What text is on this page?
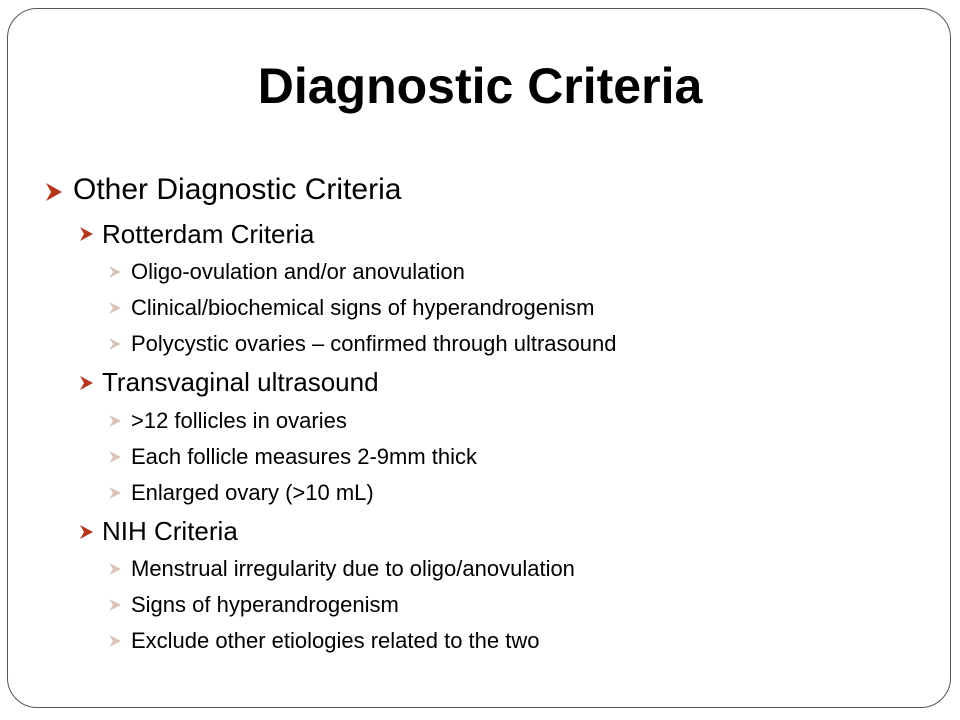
Diagnostic Criteria
Other Diagnostic Criteria
Rotterdam Criteria
Oligo-ovulation and/or anovulation
Clinical/biochemical signs of hyperandrogenism
Polycystic ovaries – confirmed through ultrasound
Transvaginal ultrasound
>12 follicles in ovaries
Each follicle measures 2-9mm thick
Enlarged ovary (>10 mL)
NIH Criteria
Menstrual irregularity due to oligo/anovulation
Signs of hyperandrogenism
Exclude other etiologies related to the two
